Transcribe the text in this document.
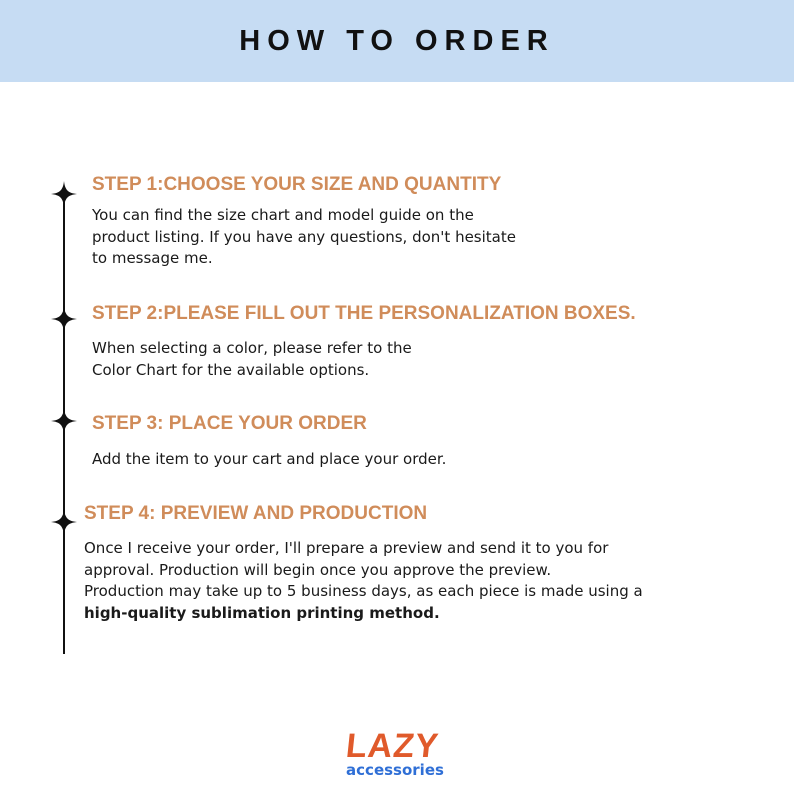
HOW TO ORDER
STEP 1:CHOOSE YOUR SIZE AND QUANTITY
You can find the size chart and model guide on the
product listing. If you have any questions, don't hesitate
to message me.
STEP 2:PLEASE FILL OUT THE PERSONALIZATION BOXES.
When selecting a color, please refer to the
Color Chart for the available options.
STEP 3: PLACE YOUR ORDER
Add the item to your cart and place your order.
STEP 4: PREVIEW AND PRODUCTION
Once I receive your order, I'll prepare a preview and send it to you for
approval. Production will begin once you approve the preview.
Production may take up to 5 business days, as each piece is made using a
high-quality sublimation printing method.
LAZY
accessories
